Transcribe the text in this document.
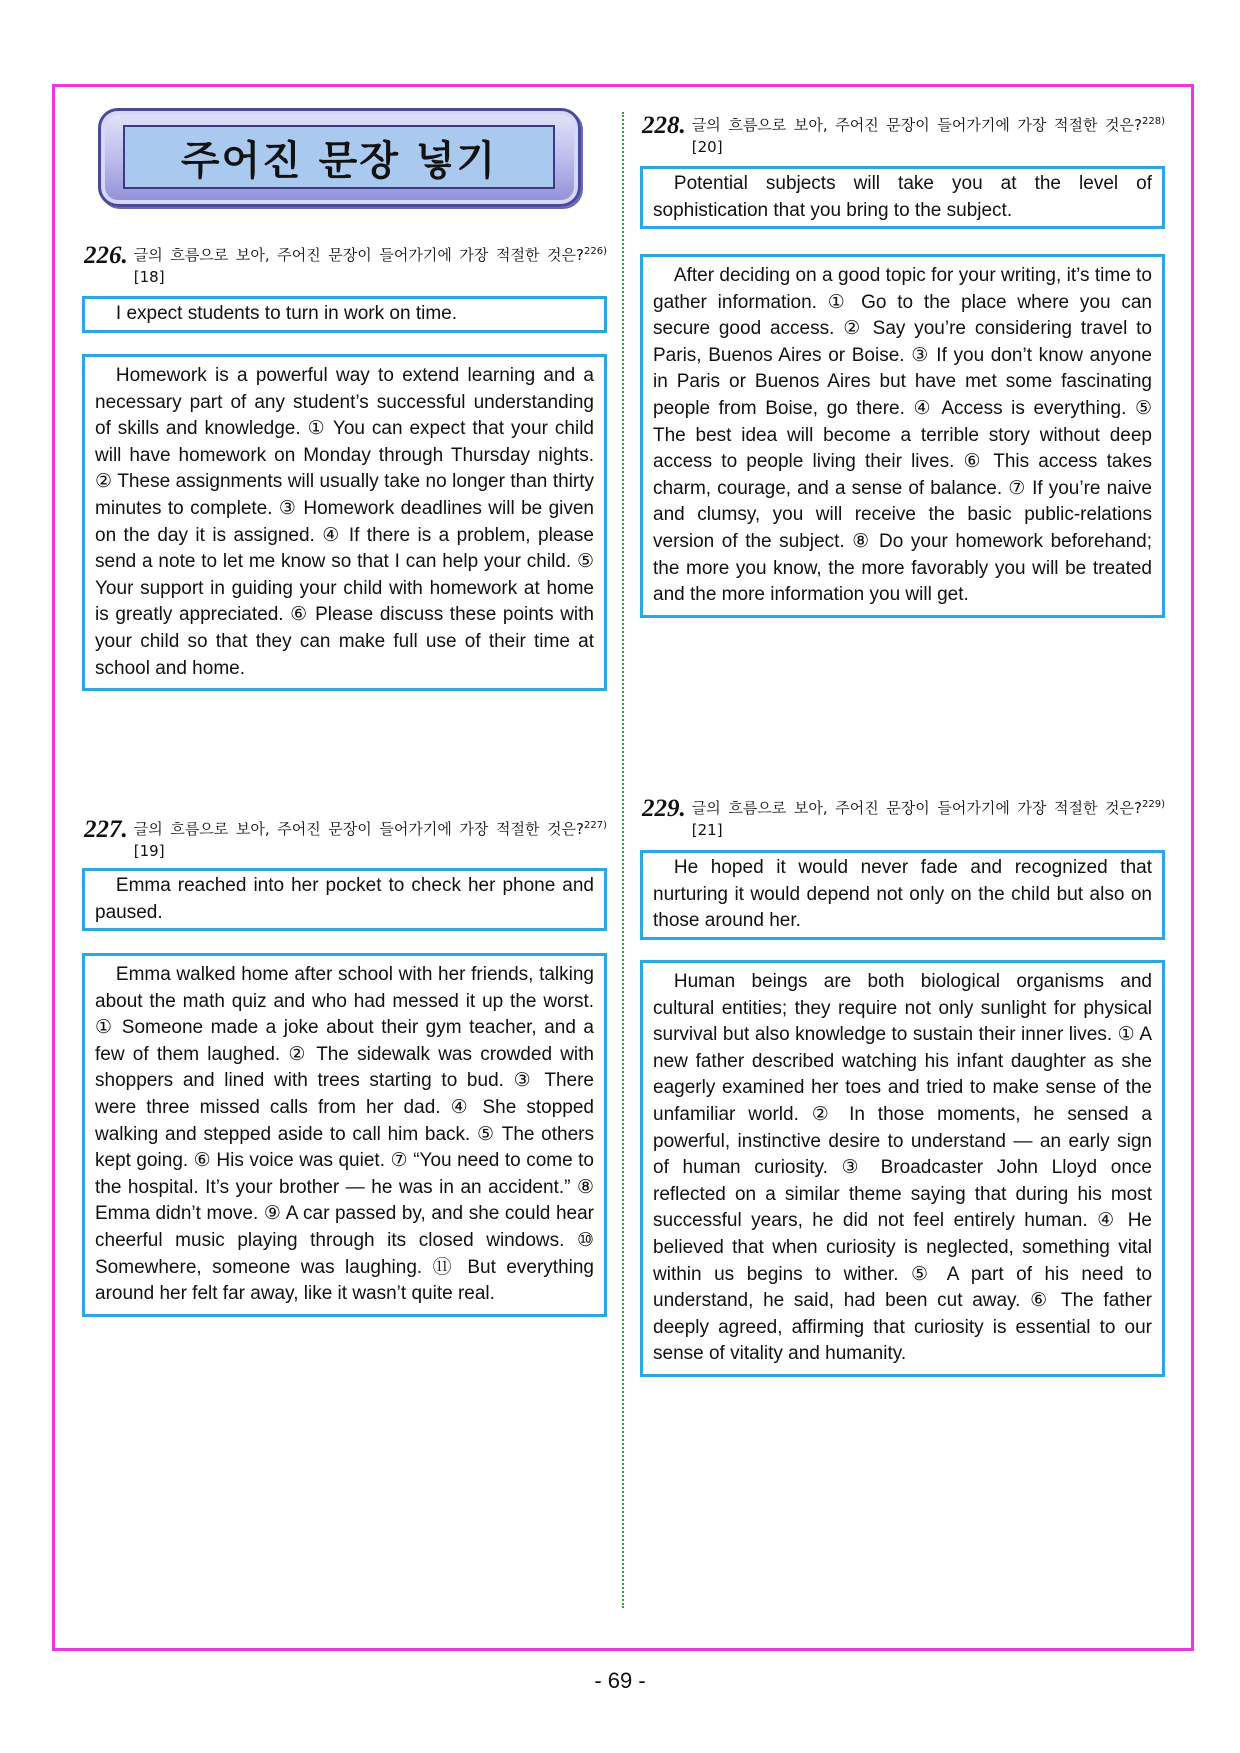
주어진 문장 넣기
226. 글의 흐름으로 보아, 주어진 문장이 들어가기에 가장 적절한 것은?$^{226)}$[18]
I expect students to turn in work on time.
Homework is a powerful way to extend learning and a necessary part of any student’s successful understanding of skills and knowledge. ① You can expect that your child will have homework on Monday through Thursday nights. ② These assignments will usually take no longer than thirty minutes to complete. ③ Homework deadlines will be given on the day it is assigned. ④ If there is a problem, please send a note to let me know so that I can help your child. ⑤ Your support in guiding your child with homework at home is greatly appreciated. ⑥ Please discuss these points with your child so that they can make full use of their time at school and home.
227. 글의 흐름으로 보아, 주어진 문장이 들어가기에 가장 적절한 것은?$^{227)}$[19]
Emma reached into her pocket to check her phone and paused.
Emma walked home after school with her friends, talking about the math quiz and who had messed it up the worst. ① Someone made a joke about their gym teacher, and a few of them laughed. ② The sidewalk was crowded with shoppers and lined with trees starting to bud. ③ There were three missed calls from her dad. ④ She stopped walking and stepped aside to call him back. ⑤ The others kept going. ⑥ His voice was quiet. ⑦ “You need to come to the hospital. It’s your brother — he was in an accident.” ⑧ Emma didn’t move. ⑨ A car passed by, and she could hear cheerful music playing through its closed windows. ⑩ Somewhere, someone was laughing. ⑪ But everything around her felt far away, like it wasn’t quite real.
228. 글의 흐름으로 보아, 주어진 문장이 들어가기에 가장 적절한 것은?$^{228)}$[20]
Potential subjects will take you at the level of sophistication that you bring to the subject.
After deciding on a good topic for your writing, it’s time to gather information. ① Go to the place where you can secure good access. ② Say you’re considering travel to Paris, Buenos Aires or Boise. ③ If you don’t know anyone in Paris or Buenos Aires but have met some fascinating people from Boise, go there. ④ Access is everything. ⑤ The best idea will become a terrible story without deep access to people living their lives. ⑥ This access takes charm, courage, and a sense of balance. ⑦ If you’re naive and clumsy, you will receive the basic public-relations version of the subject. ⑧ Do your homework beforehand; the more you know, the more favorably you will be treated and the more information you will get.
229. 글의 흐름으로 보아, 주어진 문장이 들어가기에 가장 적절한 것은?$^{229)}$[21]
He hoped it would never fade and recognized that nurturing it would depend not only on the child but also on those around her.
Human beings are both biological organisms and cultural entities; they require not only sunlight for physical survival but also knowledge to sustain their inner lives. ① A new father described watching his infant daughter as she eagerly examined her toes and tried to make sense of the unfamiliar world. ② In those moments, he sensed a powerful, instinctive desire to understand — an early sign of human curiosity. ③ Broadcaster John Lloyd once reflected on a similar theme saying that during his most successful years, he did not feel entirely human. ④ He believed that when curiosity is neglected, something vital within us begins to wither. ⑤ A part of his need to understand, he said, had been cut away. ⑥ The father deeply agreed, affirming that curiosity is essential to our sense of vitality and humanity.
- 69 -
